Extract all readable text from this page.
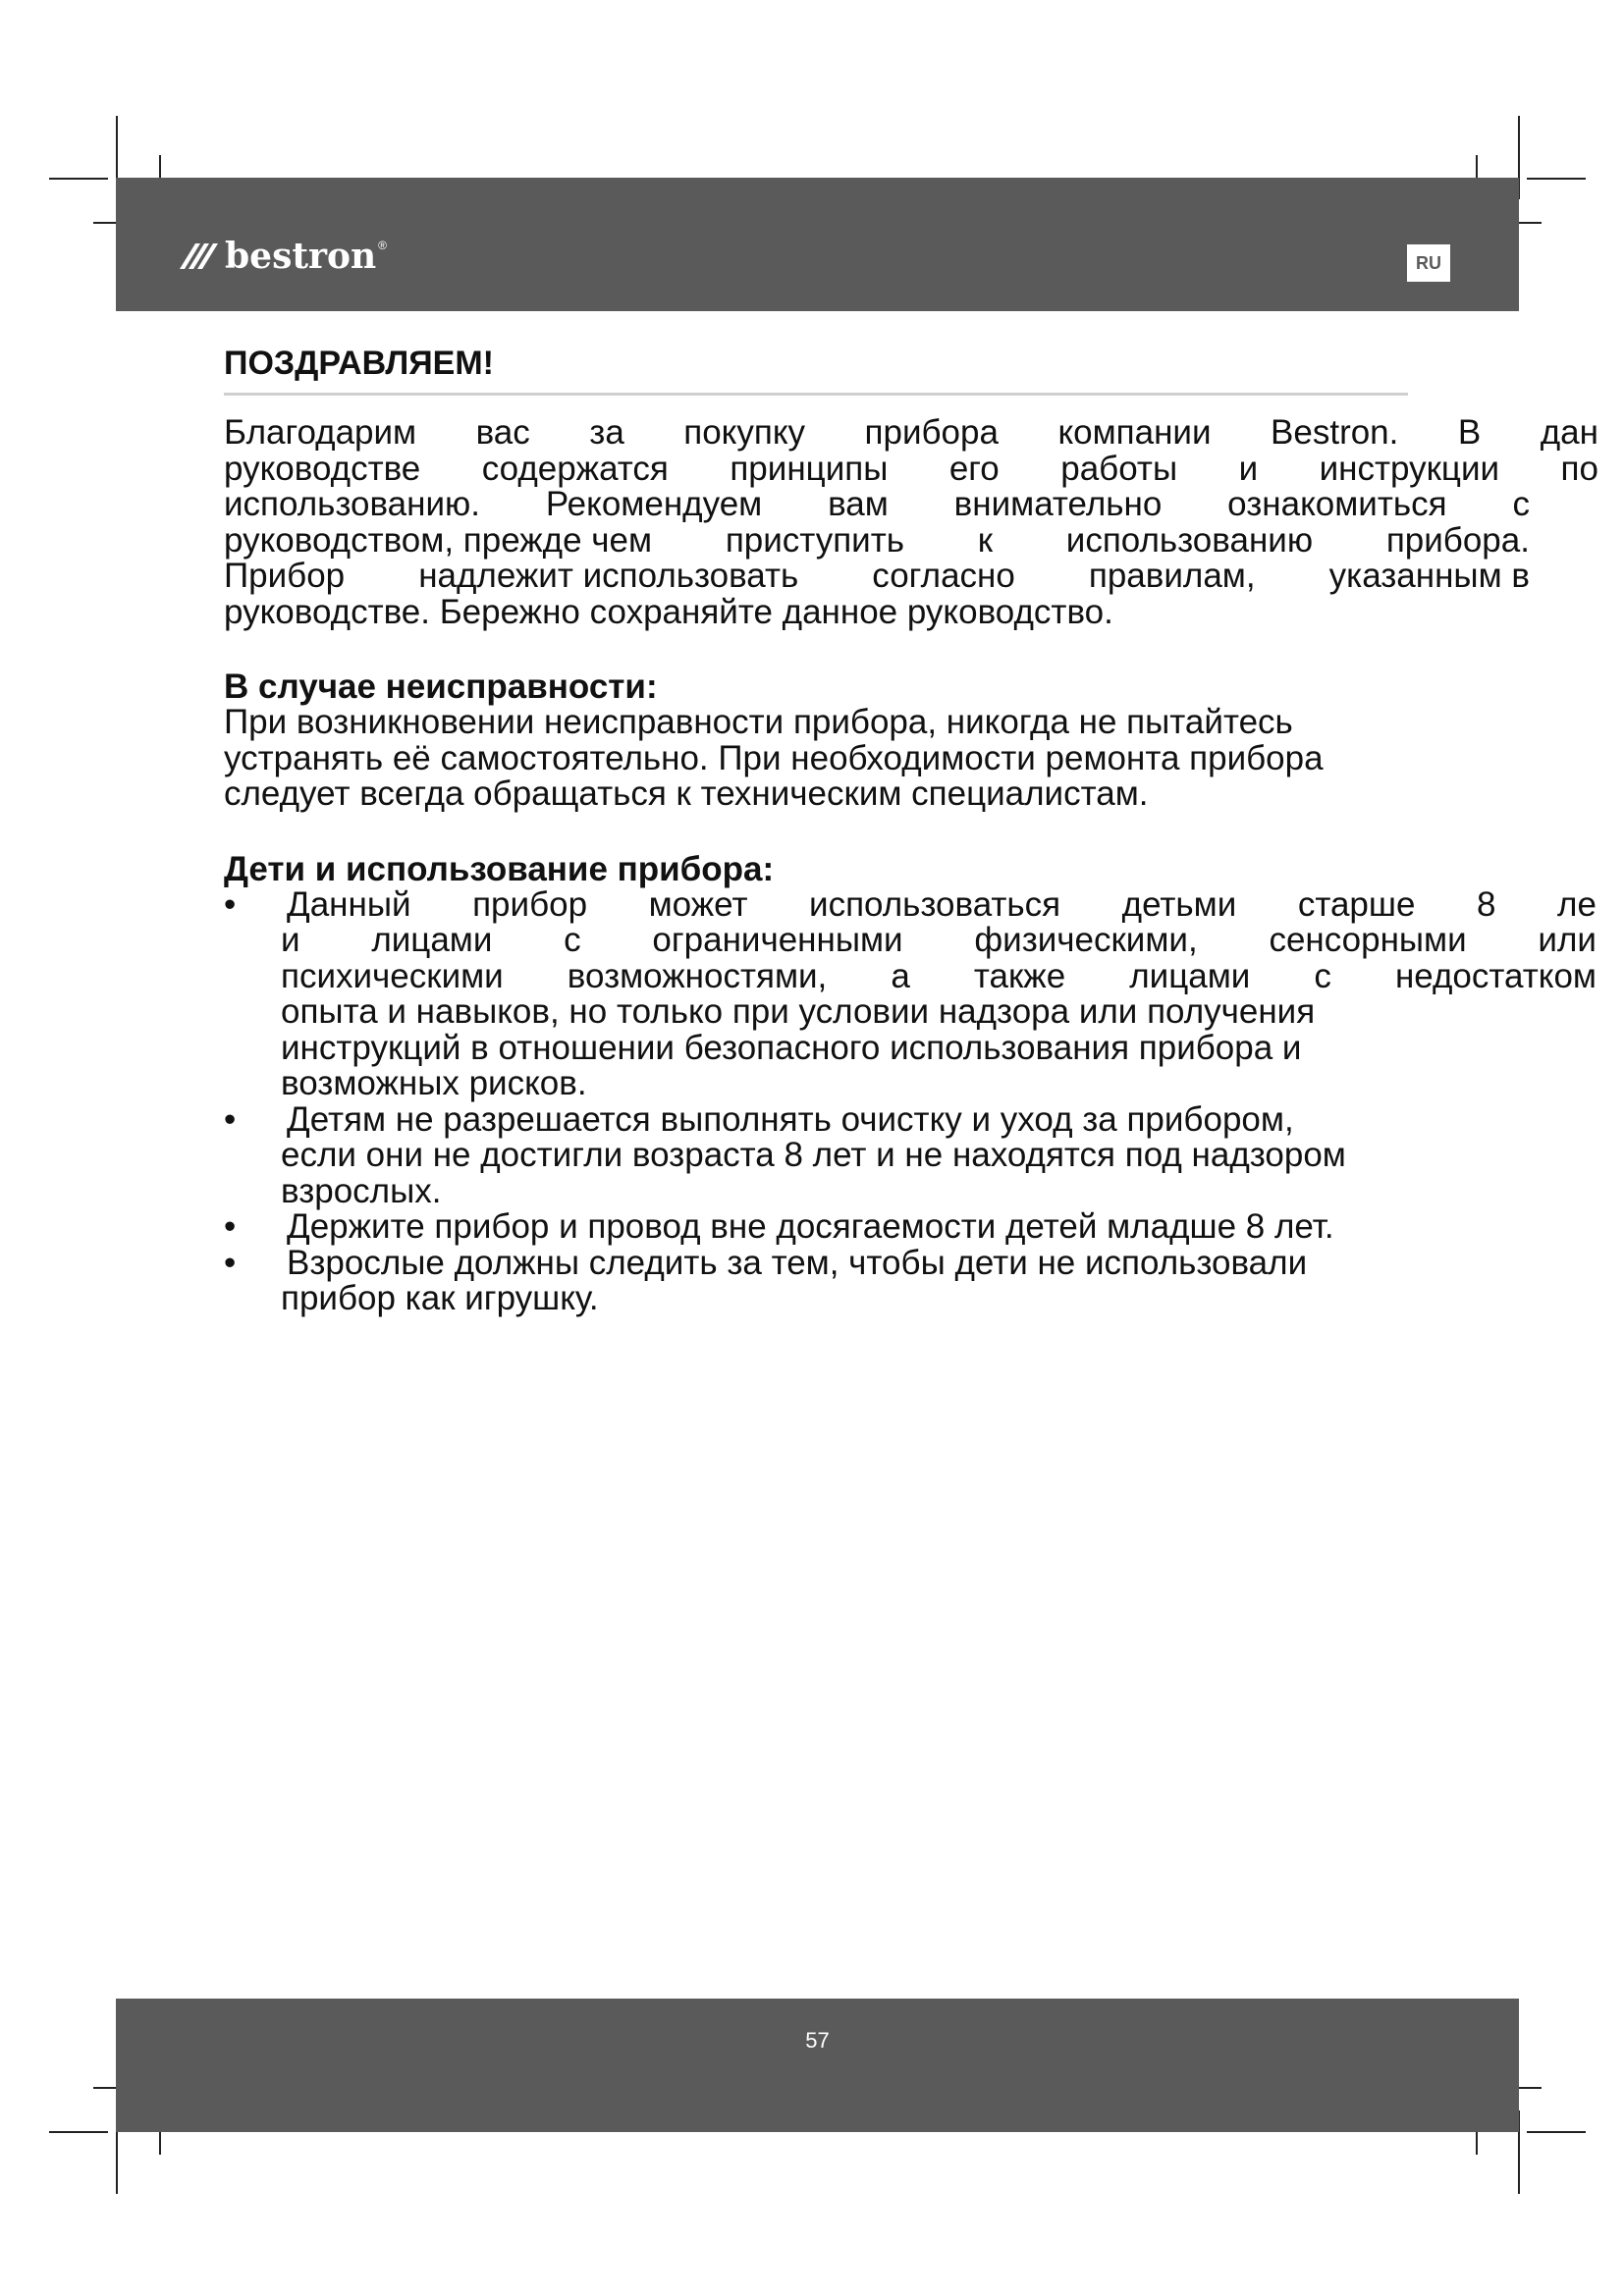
bestron ®
RU
ПОЗДРАВЛЯЕМ!
Благодарим вас за покупку прибора компании Bestron. В дан
руководстве содержатся принципы его работы и инструкции по
использованию. Рекомендуем вам внимательно ознакомиться с
руководством, прежде чем приступить к использованию прибора.
Прибор надлежит использовать согласно правилам, указанным в
руководстве. Бережно сохраняйте данное руководство.
В случае неисправности:
При возникновении неисправности прибора, никогда не пытайтесь
устранять её самостоятельно. При необходимости ремонта прибора
следует всегда обращаться к техническим специалистам.
Дети и использование прибора:
• Данный прибор может использоваться детьми старше 8 ле
и лицами с ограниченными физическими, сенсорными или
психическими возможностями, а также лицами с недостатком
опыта и навыков, но только при условии надзора или получения
инструкций в отношении безопасного использования прибора и
возможных рисков.
• Детям не разрешается выполнять очистку и уход за прибором,
если они не достигли возраста 8 лет и не находятся под надзором
взрослых.
• Держите прибор и провод вне досягаемости детей младше 8 лет.
• Взрослые должны следить за тем, чтобы дети не использовали
прибор как игрушку.
57
